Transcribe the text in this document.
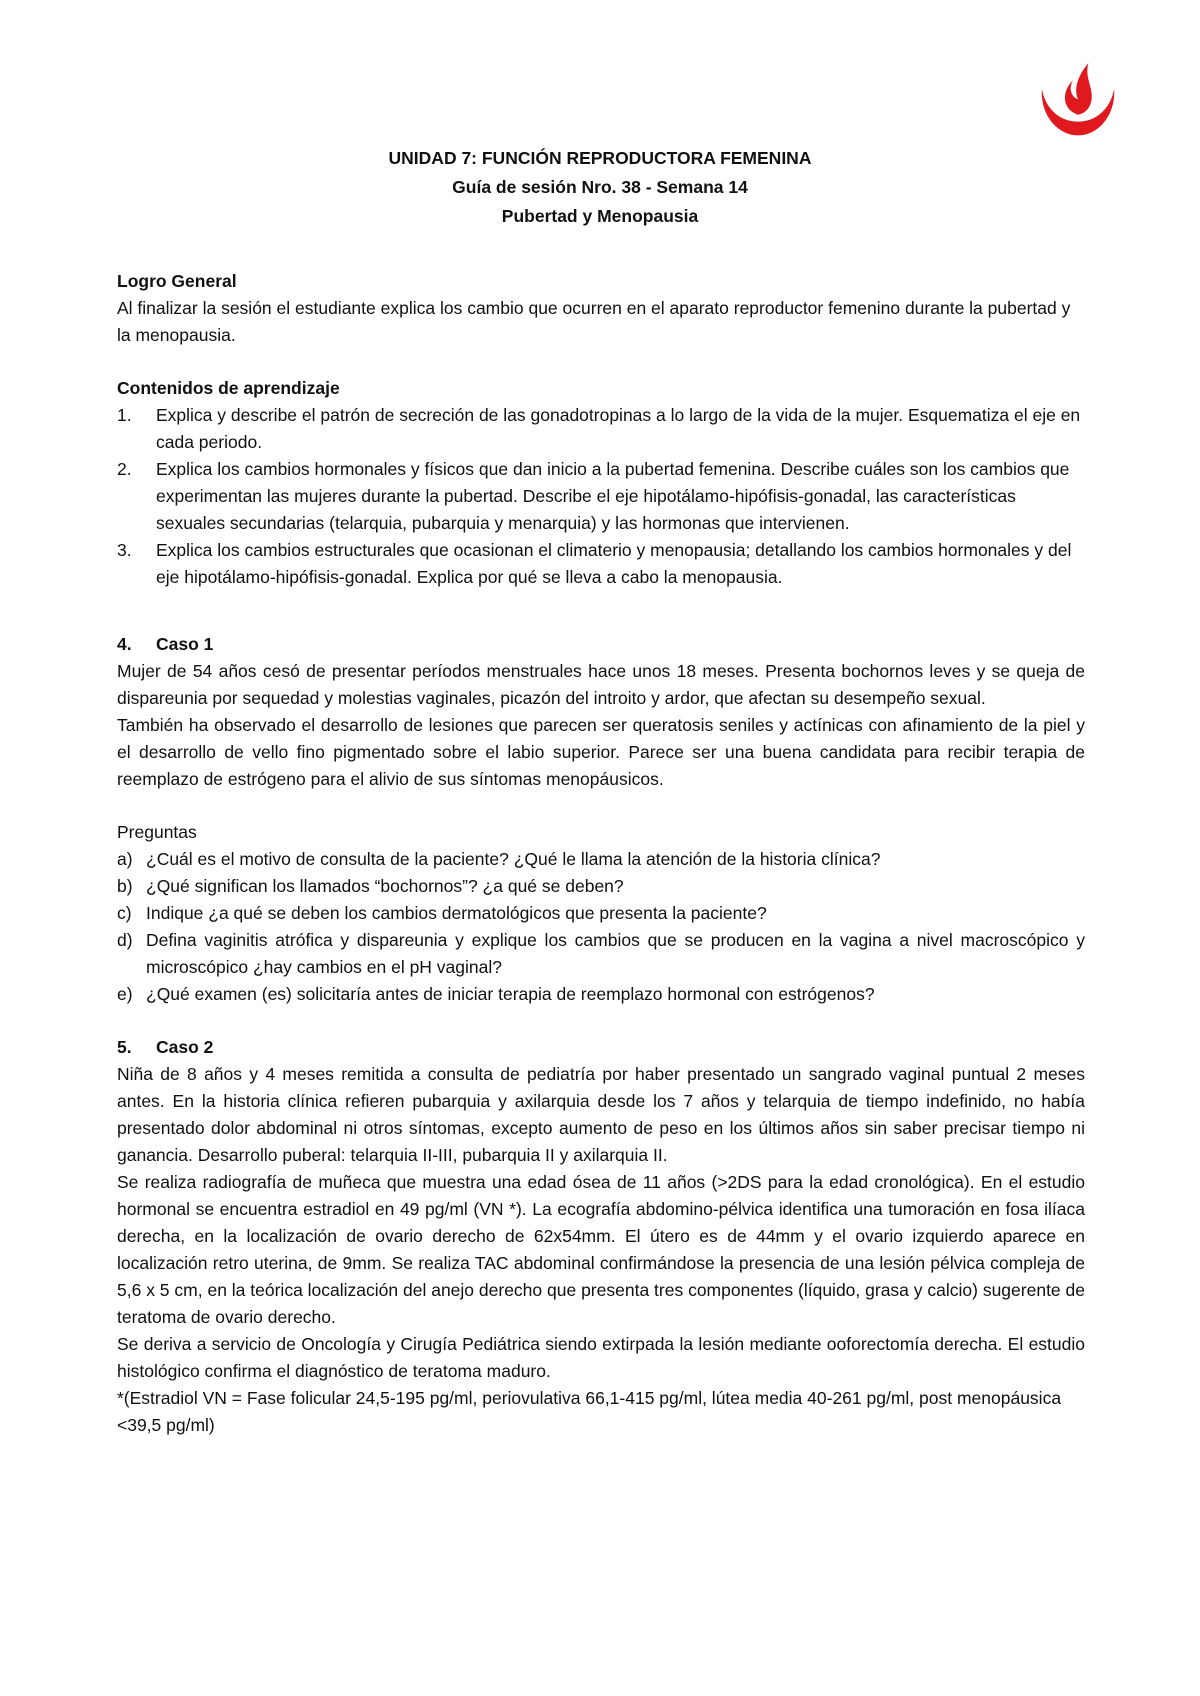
UNIDAD 7: FUNCIÓN REPRODUCTORA FEMENINA
Guía de sesión Nro. 38 - Semana 14
Pubertad y Menopausia
Logro General
Al finalizar la sesión el estudiante explica los cambio que ocurren en el aparato reproductor femenino durante la pubertad y la menopausia.
Contenidos de aprendizaje
1. Explica y describe el patrón de secreción de las gonadotropinas a lo largo de la vida de la mujer. Esquematiza el eje en cada periodo.
2. Explica los cambios hormonales y físicos que dan inicio a la pubertad femenina. Describe cuáles son los cambios que experimentan las mujeres durante la pubertad. Describe el eje hipotálamo-hipófisis-gonadal, las características sexuales secundarias (telarquia, pubarquia y menarquia) y las hormonas que intervienen.
3. Explica los cambios estructurales que ocasionan el climaterio y menopausia; detallando los cambios hormonales y del eje hipotálamo-hipófisis-gonadal. Explica por qué se lleva a cabo la menopausia.
4. Caso 1
Mujer de 54 años cesó de presentar períodos menstruales hace unos 18 meses. Presenta bochornos leves y se queja de dispareunia por sequedad y molestias vaginales, picazón del introito y ardor, que afectan su desempeño sexual.
También ha observado el desarrollo de lesiones que parecen ser queratosis seniles y actínicas con afinamiento de la piel y el desarrollo de vello fino pigmentado sobre el labio superior. Parece ser una buena candidata para recibir terapia de reemplazo de estrógeno para el alivio de sus síntomas menopáusicos.
Preguntas
a) ¿Cuál es el motivo de consulta de la paciente? ¿Qué le llama la atención de la historia clínica?
b) ¿Qué significan los llamados “bochornos”? ¿a qué se deben?
c) Indique ¿a qué se deben los cambios dermatológicos que presenta la paciente?
d) Defina vaginitis atrófica y dispareunia y explique los cambios que se producen en la vagina a nivel macroscópico y microscópico ¿hay cambios en el pH vaginal?
e) ¿Qué examen (es) solicitaría antes de iniciar terapia de reemplazo hormonal con estrógenos?
5. Caso 2
Niña de 8 años y 4 meses remitida a consulta de pediatría por haber presentado un sangrado vaginal puntual 2 meses antes. En la historia clínica refieren pubarquia y axilarquia desde los 7 años y telarquia de tiempo indefinido, no había presentado dolor abdominal ni otros síntomas, excepto aumento de peso en los últimos años sin saber precisar tiempo ni ganancia. Desarrollo puberal: telarquia II-III, pubarquia II y axilarquia II.
Se realiza radiografía de muñeca que muestra una edad ósea de 11 años (>2DS para la edad cronológica). En el estudio hormonal se encuentra estradiol en 49 pg/ml (VN *). La ecografía abdomino-pélvica identifica una tumoración en fosa ilíaca derecha, en la localización de ovario derecho de 62x54mm. El útero es de 44mm y el ovario izquierdo aparece en localización retro uterina, de 9mm. Se realiza TAC abdominal confirmándose la presencia de una lesión pélvica compleja de 5,6 x 5 cm, en la teórica localización del anejo derecho que presenta tres componentes (líquido, grasa y calcio) sugerente de teratoma de ovario derecho.
Se deriva a servicio de Oncología y Cirugía Pediátrica siendo extirpada la lesión mediante ooforectomía derecha. El estudio histológico confirma el diagnóstico de teratoma maduro.
*(Estradiol VN = Fase folicular 24,5-195 pg/ml, periovulativa 66,1-415 pg/ml, lútea media 40-261 pg/ml, post menopáusica <39,5 pg/ml)
